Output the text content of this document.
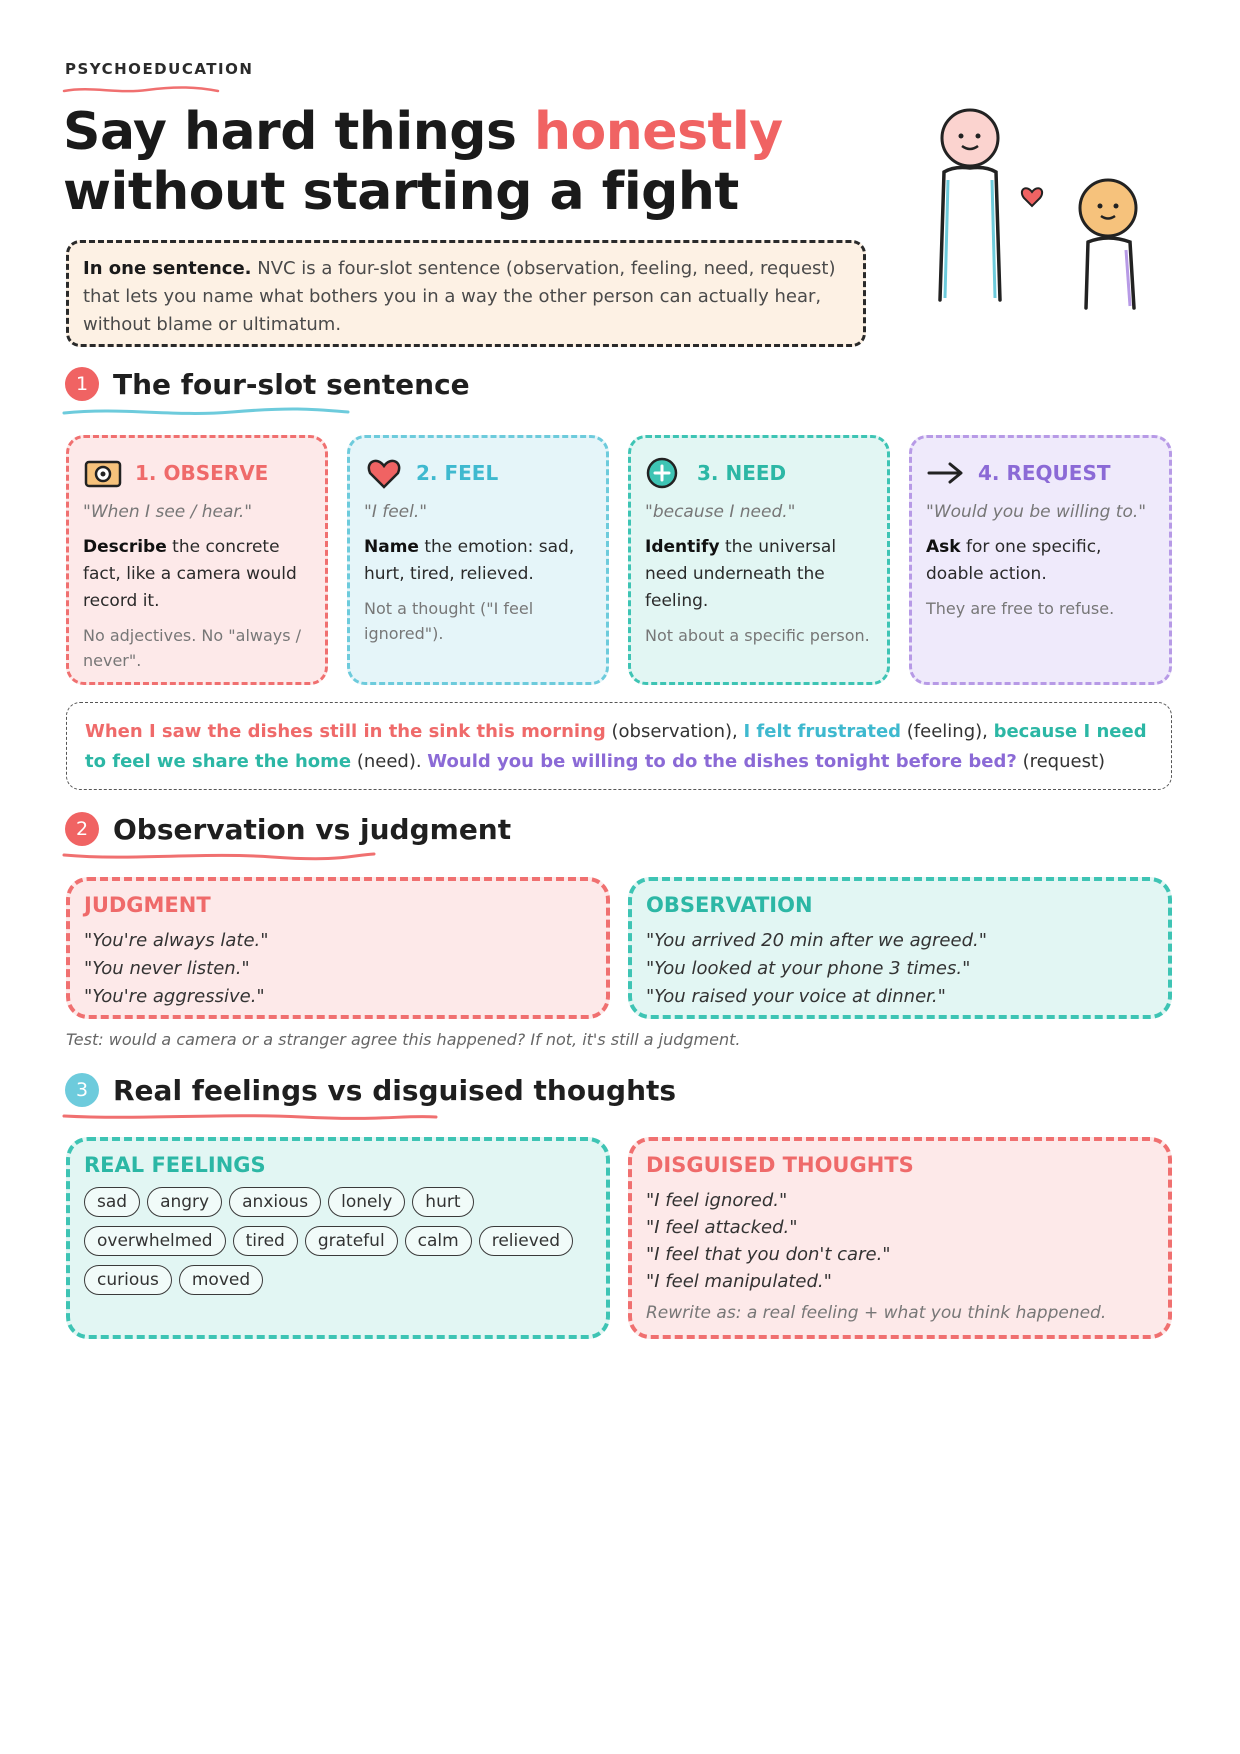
PSYCHOEDUCATION
Say hard things honestly
without starting a fight
In one sentence. NVC is a four-slot sentence (observation, feeling, need, request) that lets you name what bothers you in a way the other person can actually hear, without blame or ultimatum.
1 The four-slot sentence
1. OBSERVE
"When I see / hear."
Describe the concrete fact, like a camera would record it.
No adjectives. No "always / never".
2. FEEL
"I feel."
Name the emotion: sad, hurt, tired, relieved.
Not a thought ("I feel ignored").
3. NEED
"because I need."
Identify the universal need underneath the feeling.
Not about a specific person.
4. REQUEST
"Would you be willing to."
Ask for one specific, doable action.
They are free to refuse.
When I saw the dishes still in the sink this morning (observation), I felt frustrated (feeling), because I need to feel we share the home (need). Would you be willing to do the dishes tonight before bed? (request)
2 Observation vs judgment
JUDGMENT
"You're always late."
"You never listen."
"You're aggressive."
OBSERVATION
"You arrived 20 min after we agreed."
"You looked at your phone 3 times."
"You raised your voice at dinner."
Test: would a camera or a stranger agree this happened? If not, it's still a judgment.
3 Real feelings vs disguised thoughts
REAL FEELINGS
sad	angry	anxious	lonely	hurt
overwhelmed	tired	grateful	calm	relieved
curious	moved
DISGUISED THOUGHTS
"I feel ignored."
"I feel attacked."
"I feel that you don't care."
"I feel manipulated."
Rewrite as: a real feeling + what you think happened.
